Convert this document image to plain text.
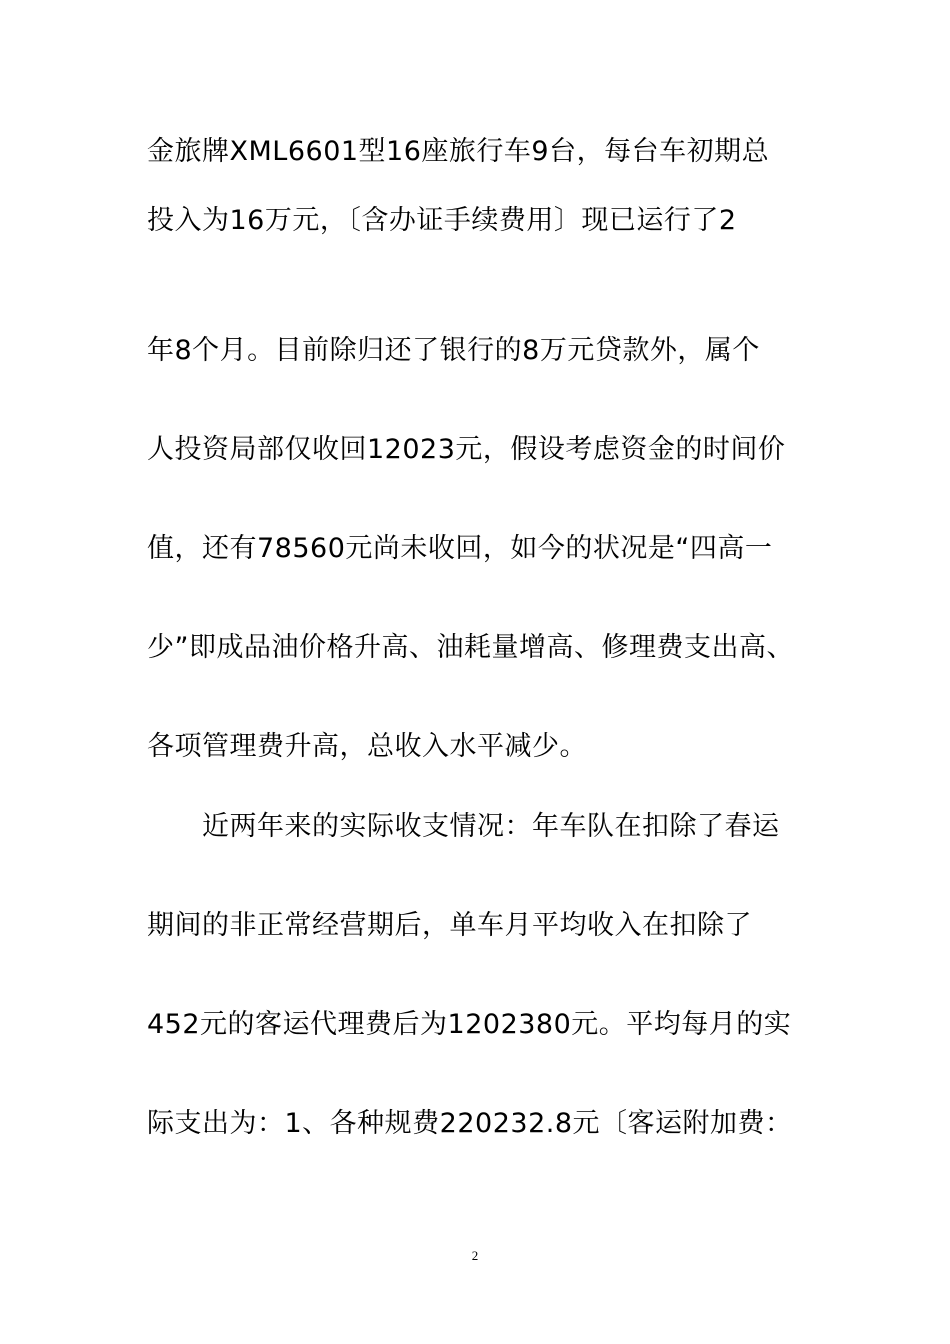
金旅牌XML6601型16座旅行车9台，每台车初期总
投入为16万元，〔含办证手续费用〕现已运行了2
年8个月。目前除归还了银行的8万元贷款外，属个
人投资局部仅收回12023元，假设考虑资金的时间价
值，还有78560元尚未收回，如今的状况是“四高一
少”即成品油价格升高、油耗量增高、修理费支出高、
各项管理费升高，总收入水平减少。
近两年来的实际收支情况：年车队在扣除了春运
期间的非正常经营期后，单车月平均收入在扣除了
452元的客运代理费后为1202380元。平均每月的实
际支出为：1、各种规费220232.8元〔客运附加费：
2
